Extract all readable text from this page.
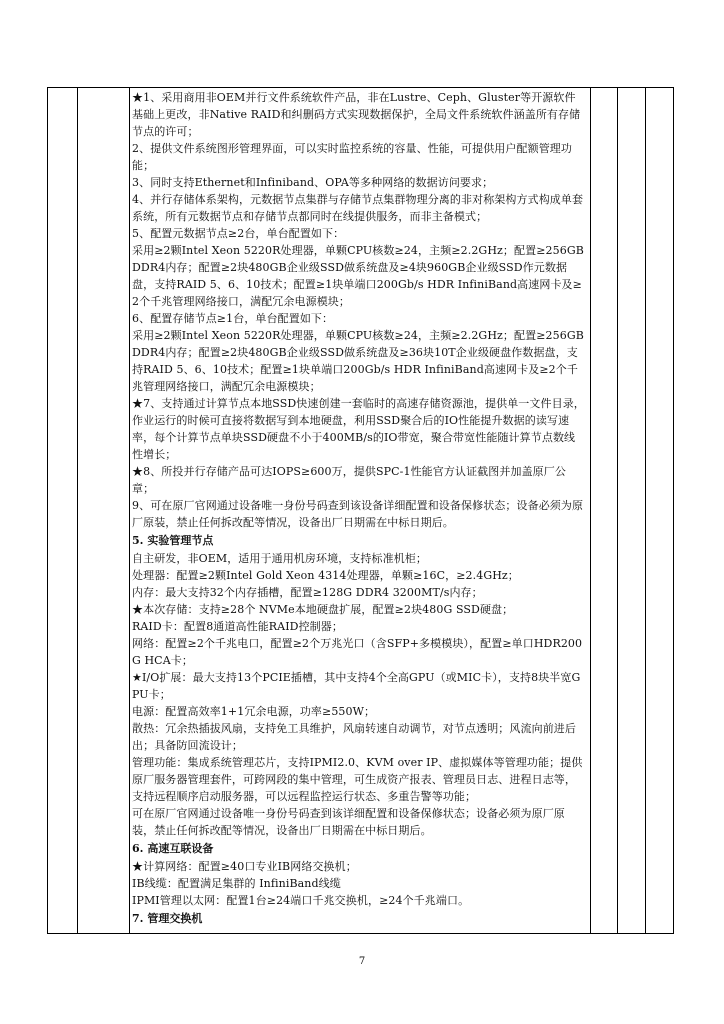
★1、采用商用非OEM并行文件系统软件产品，非在Lustre、Ceph、Gluster等开源软件基础上更改，非Native RAID和纠删码方式实现数据保护，全局文件系统软件涵盖所有存储节点的许可；

2、提供文件系统图形管理界面，可以实时监控系统的容量、性能，可提供用户配额管理功能；

3、同时支持Ethernet和Infiniband、OPA等多种网络的数据访问要求；

4、并行存储体系架构，元数据节点集群与存储节点集群物理分离的非对称架构方式构成单套系统，所有元数据节点和存储节点都同时在线提供服务，而非主备模式；

5、配置元数据节点≥2台，单台配置如下：

采用≥2颗Intel Xeon 5220R处理器，单颗CPU核数≥24，主频≥2.2GHz；配置≥256GB DDR4内存；配置≥2块480GB企业级SSD做系统盘及≥4块960GB企业级SSD作元数据盘，支持RAID 5、6、10技术；配置≥1块单端口200Gb/s HDR InfiniBand高速网卡及≥2个千兆管理网络接口，满配冗余电源模块；

6、配置存储节点≥1台，单台配置如下：

采用≥2颗Intel Xeon 5220R处理器，单颗CPU核数≥24，主频≥2.2GHz；配置≥256GB DDR4内存；配置≥2块480GB企业级SSD做系统盘及≥36块10T企业级硬盘作数据盘，支持RAID 5、6、10技术；配置≥1块单端口200Gb/s HDR InfiniBand高速网卡及≥2个千兆管理网络接口，满配冗余电源模块；

★7、支持通过计算节点本地SSD快速创建一套临时的高速存储资源池，提供单一文件目录，作业运行的时候可直接将数据写到本地硬盘，利用SSD聚合后的IO性能提升数据的读写速率，每个计算节点单块SSD硬盘不小于400MB/s的IO带宽，聚合带宽性能随计算节点数线性增长；

★8、所投并行存储产品可达IOPS≥600万，提供SPC-1性能官方认证截图并加盖原厂公章；

9、可在原厂官网通过设备唯一身份号码查到该设备详细配置和设备保修状态；设备必须为原厂原装，禁止任何拆改配等情况，设备出厂日期需在中标日期后。

5. 实验管理节点

自主研发，非OEM，适用于通用机房环境，支持标准机柜；

处理器：配置≥2颗Intel Gold Xeon 4314处理器，单颗≥16C，≥2.4GHz；

内存：最大支持32个内存插槽，配置≥128G DDR4 3200MT/s内存；

★本次存储：支持≥28个 NVMe本地硬盘扩展，配置≥2块480G SSD硬盘；

RAID卡：配置8通道高性能RAID控制器；

网络：配置≥2个千兆电口，配置≥2个万兆光口（含SFP+多模模块），配置≥单口HDR200G HCA卡；

★I/O扩展：最大支持13个PCIE插槽，其中支持4个全高GPU（或MIC卡），支持8块半宽GPU卡；

电源：配置高效率1+1冗余电源，功率≥550W；

散热：冗余热插拔风扇，支持免工具维护，风扇转速自动调节，对节点透明；风流向前进后出；具备防回流设计；

管理功能：集成系统管理芯片，支持IPMI2.0、KVM over IP、虚拟媒体等管理功能；提供原厂服务器管理套件，可跨网段的集中管理，可生成资产报表、管理员日志、进程日志等，支持远程顺序启动服务器，可以远程监控运行状态、多重告警等功能；

可在原厂官网通过设备唯一身份号码查到该详细配置和设备保修状态；设备必须为原厂原装，禁止任何拆改配等情况，设备出厂日期需在中标日期后。

6. 高速互联设备

★计算网络：配置≥40口专业IB网络交换机；

IB线缆：配置满足集群的 InfiniBand线缆

IPMI管理以太网：配置1台≥24端口千兆交换机，≥24个千兆端口。

7. 管理交换机

7
